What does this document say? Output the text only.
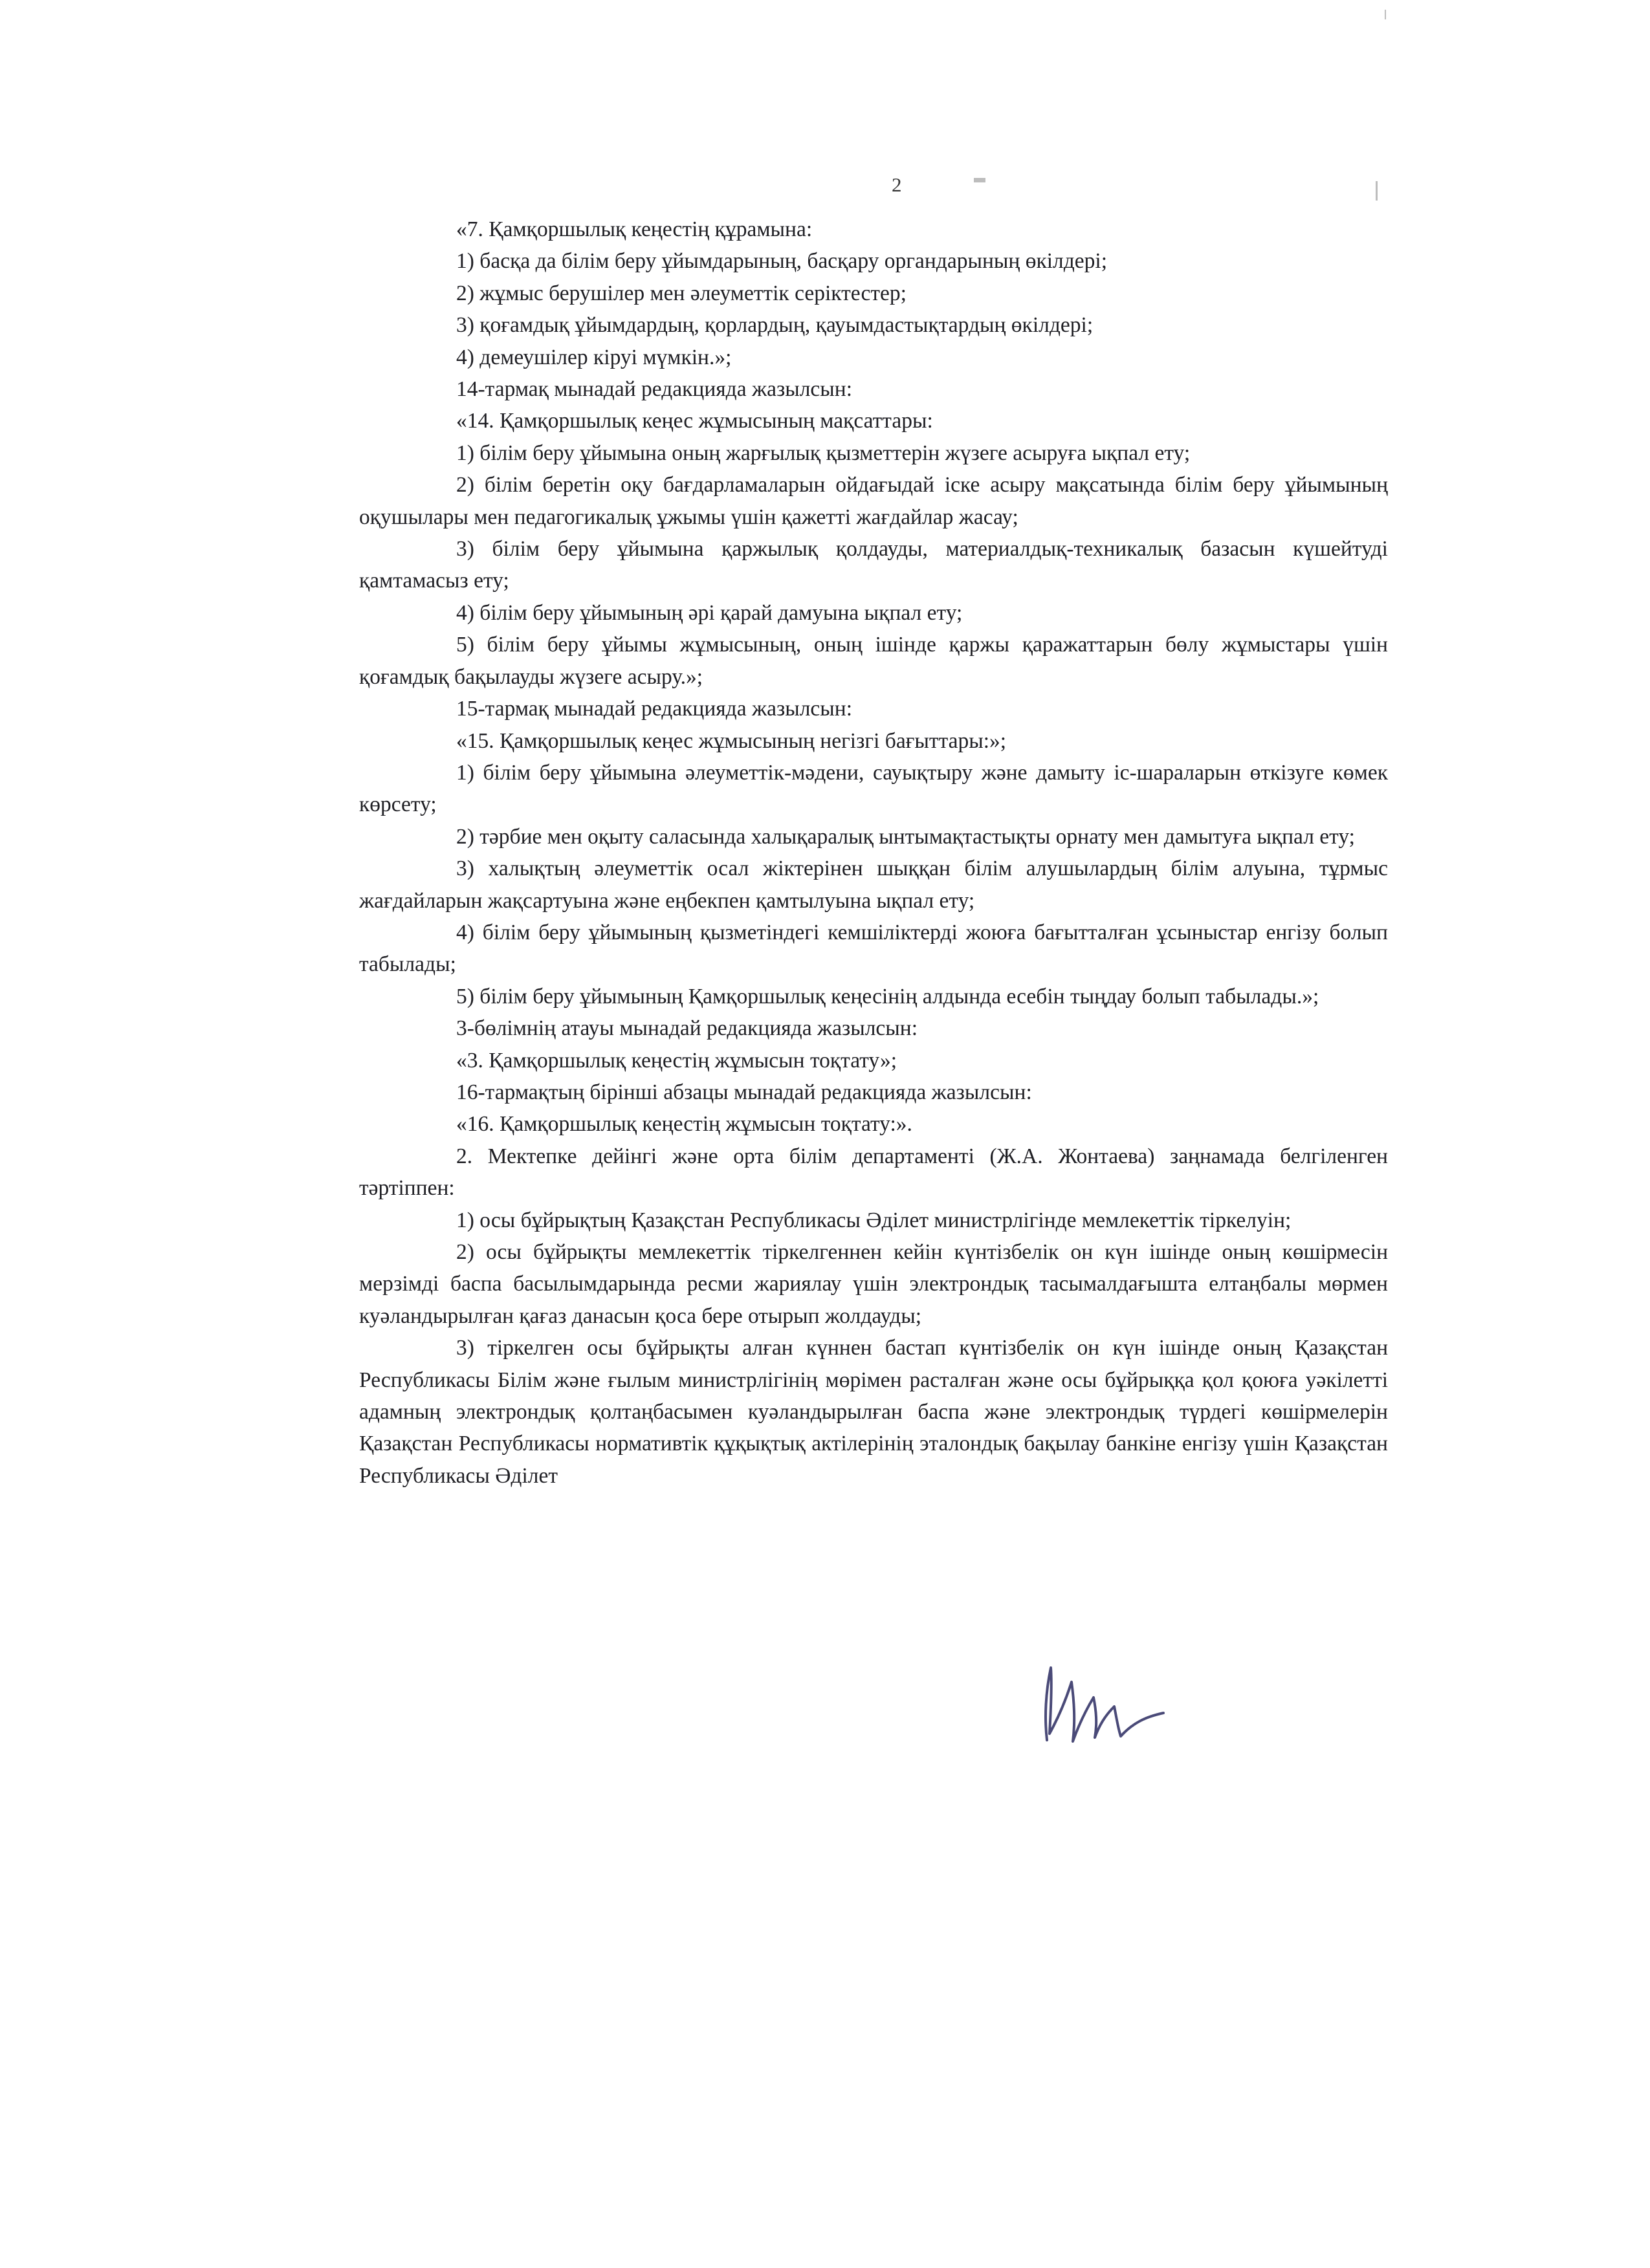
2

«7. Қамқоршылық кеңестің құрамына:

1) басқа да білім беру ұйымдарының, басқару органдарының өкілдері;

2) жұмыс берушілер мен әлеуметтік серіктестер;

3) қоғамдық ұйымдардың, қорлардың, қауымдастықтардың өкілдері;

4) демеушілер кіруі мүмкін.»;

14-тармақ мынадай редакцияда жазылсын:

«14. Қамқоршылық кеңес жұмысының мақсаттары:

1) білім беру ұйымына оның жарғылық қызметтерін жүзеге асыруға ықпал ету;

2) білім беретін оқу бағдарламаларын ойдағыдай іске асыру мақсатында білім беру ұйымының оқушылары мен педагогикалық ұжымы үшін қажетті жағдайлар жасау;

3) білім беру ұйымына қаржылық қолдауды, материалдық-техникалық базасын күшейтуді қамтамасыз ету;

4) білім беру ұйымының әрі қарай дамуына ықпал ету;

5) білім беру ұйымы жұмысының, оның ішінде қаржы қаражаттарын бөлу жұмыстары үшін қоғамдық бақылауды жүзеге асыру.»;

15-тармақ мынадай редакцияда жазылсын:

«15. Қамқоршылық кеңес жұмысының негізгі бағыттары:»;

1) білім беру ұйымына әлеуметтік-мәдени, сауықтыру және дамыту іс-шараларын өткізуге көмек көрсету;

2) тәрбие мен оқыту саласында халықаралық ынтымақтастықты орнату мен дамытуға ықпал ету;

3) халықтың әлеуметтік осал жіктерінен шыққан білім алушылардың білім алуына, тұрмыс жағдайларын жақсартуына және еңбекпен қамтылуына ықпал ету;

4) білім беру ұйымының қызметіндегі кемшіліктерді жоюға бағытталған ұсыныстар енгізу болып табылады;

5) білім беру ұйымының Қамқоршылық кеңесінің алдында есебін тыңдау болып табылады.»;

3-бөлімнің атауы мынадай редакцияда жазылсын:

«3. Қамқоршылық кеңестің жұмысын тоқтату»;

16-тармақтың бірінші абзацы мынадай редакцияда жазылсын:

«16. Қамқоршылық кеңестің жұмысын тоқтату:».

2. Мектепке дейінгі және орта білім департаменті (Ж.А. Жонтаева) заңнамада белгіленген тәртіппен:

1) осы бұйрықтың Қазақстан Республикасы Әділет министрлігінде мемлекеттік тіркелуін;

2) осы бұйрықты мемлекеттік тіркелгеннен кейін күнтізбелік он күн ішінде оның көшірмесін мерзімді баспа басылымдарында ресми жариялау үшін электрондық тасымалдағышта елтаңбалы мөрмен куәландырылған қағаз данасын қоса бере отырып жолдауды;

3) тіркелген осы бұйрықты алған күннен бастап күнтізбелік он күн ішінде оның Қазақстан Республикасы Білім және ғылым министрлігінің мөрімен расталған және осы бұйрыққа қол қоюға уәкілетті адамның электрондық қолтаңбасымен куәландырылған баспа және электрондық түрдегі көшірмелерін Қазақстан Республикасы нормативтік құқықтық актілерінің эталондық бақылау банкіне енгізу үшін Қазақстан Республикасы Әділет
